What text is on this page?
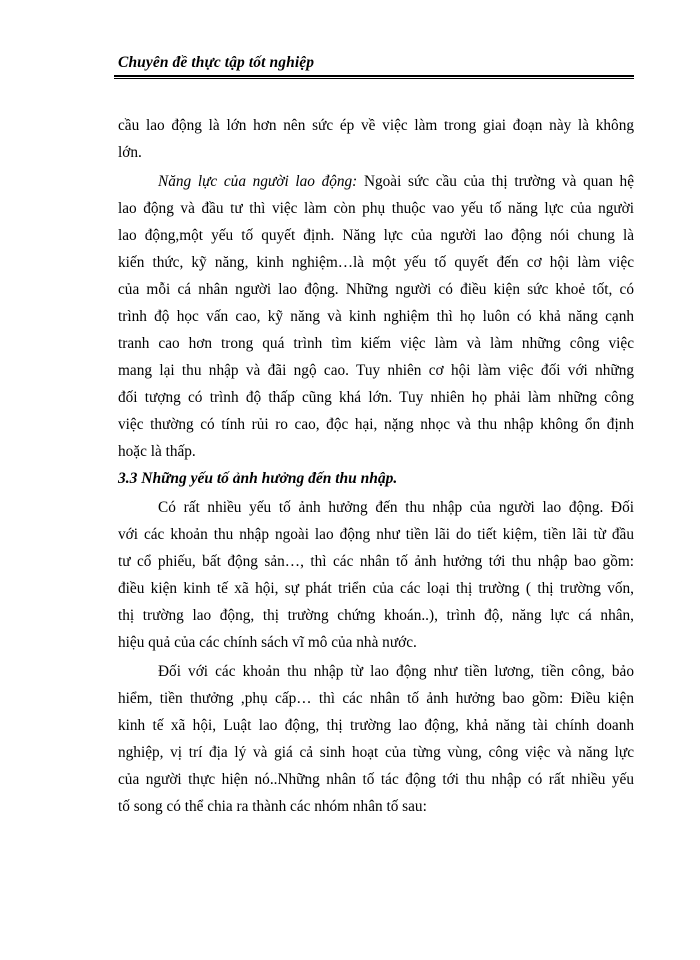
Chuyên đề thực tập tốt nghiệp
cầu lao động là lớn hơn nên sức ép về việc làm trong giai đoạn này là không
lớn.
Năng lực của người lao động: Ngoài sức cầu của thị trường và quan hệ
lao động và đầu tư thì việc làm còn phụ thuộc vao yếu tố năng lực của người
lao động,một yếu tố quyết định. Năng lực của người lao động nói chung là
kiến thức, kỹ năng, kinh nghiệm…là một yếu tố quyết đến cơ hội làm việc
của mỗi cá nhân người lao động. Những người có điều kiện sức khoẻ tốt, có
trình độ học vấn cao, kỹ năng và kinh nghiệm thì họ luôn có khả năng cạnh
tranh cao hơn trong quá trình tìm kiếm việc làm và làm những công việc
mang lại thu nhập và đãi ngộ cao. Tuy nhiên cơ hội làm việc đối với những
đối tượng có trình độ thấp cũng khá lớn. Tuy nhiên họ phải làm những công
việc thường có tính rủi ro cao, độc hại, nặng nhọc và thu nhập không ổn định
hoặc là thấp.
3.3 Những yếu tố ảnh hưởng đến thu nhập.
Có rất nhiều yếu tố ảnh hưởng đến thu nhập của người lao động. Đối
với các khoản thu nhập ngoài lao động như tiền lãi do tiết kiệm, tiền lãi từ đầu
tư cổ phiếu, bất động sản…, thì các nhân tố ảnh hưởng tới thu nhập bao gồm:
điều kiện kinh tế xã hội, sự phát triển của các loại thị trường ( thị trường vốn,
thị trường lao động, thị trường chứng khoán..), trình độ, năng lực cá nhân,
hiệu quả của các chính sách vĩ mô của nhà nước.
Đối với các khoản thu nhập từ lao động như tiền lương, tiền công, bảo
hiểm, tiền thưởng ,phụ cấp… thì các nhân tố ảnh hưởng bao gồm: Điều kiện
kinh tế xã hội, Luật lao động, thị trường lao động, khả năng tài chính doanh
nghiệp, vị trí địa lý và giá cả sinh hoạt của từng vùng, công việc và năng lực
của người thực hiện nó..Những nhân tố tác động tới thu nhập có rất nhiều yếu
tố song có thể chia ra thành các nhóm nhân tố sau:
